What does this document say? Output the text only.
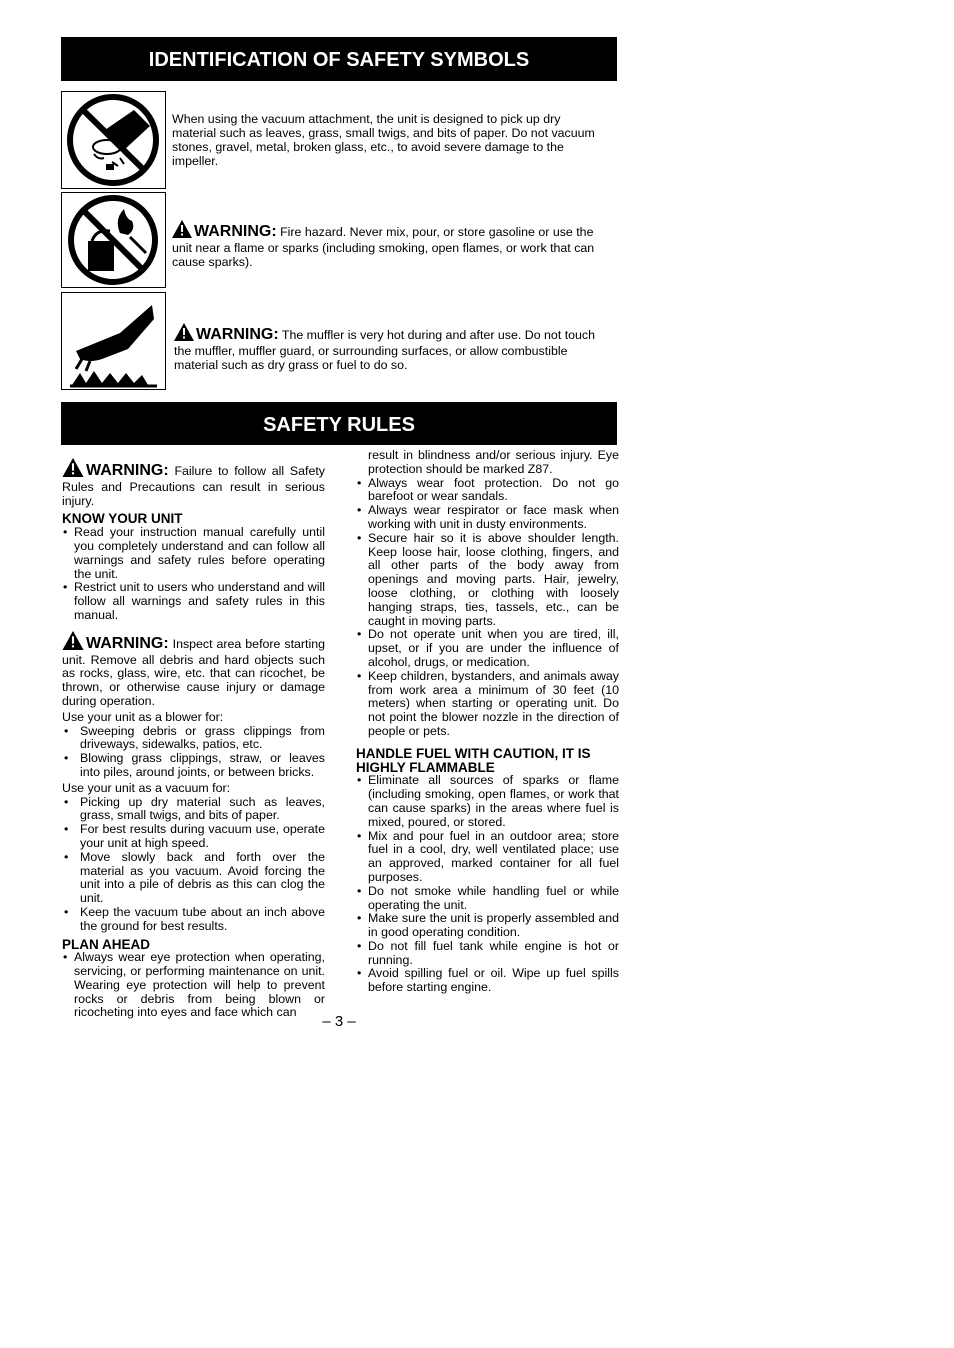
IDENTIFICATION OF SAFETY SYMBOLS
When using the vacuum attachment, the unit is designed to pick up dry material such as leaves, grass, small twigs, and bits of paper. Do not vacuum stones, gravel, metal, broken glass, etc., to avoid severe damage to the impeller.
WARNING: Fire hazard. Never mix, pour, or store gasoline or use the unit near a flame or sparks (including smoking, open flames, or work that can cause sparks).
WARNING: The muffler is very hot during and after use. Do not touch the muffler, muffler guard, or surrounding surfaces, or allow combustible material such as dry grass or fuel to do so.
SAFETY RULES

WARNING: Failure to follow all Safety Rules and Precautions can result in serious injury.

KNOW YOUR UNIT

• Read your instruction manual carefully until you completely understand and can follow all warnings and safety rules before operating the unit.
• Restrict unit to users who understand and will follow all warnings and safety rules in this manual.

WARNING: Inspect area before starting unit. Remove all debris and hard objects such as rocks, glass, wire, etc. that can ricochet, be thrown, or otherwise cause injury or damage during operation.

Use your unit as a blower for:

• Sweeping debris or grass clippings from driveways, sidewalks, patios, etc.
• Blowing grass clippings, straw, or leaves into piles, around joints, or between bricks.

Use your unit as a vacuum for:

• Picking up dry material such as leaves, grass, small twigs, and bits of paper.
• For best results during vacuum use, operate your unit at high speed.
• Move slowly back and forth over the material as you vacuum. Avoid forcing the unit into a pile of debris as this can clog the unit.
• Keep the vacuum tube about an inch above the ground for best results.

PLAN AHEAD

• Always wear eye protection when operating, servicing, or performing maintenance on unit. Wearing eye protection will help to prevent rocks or debris from being blown or ricocheting into eyes and face which can

result in blindness and/or serious injury. Eye protection should be marked Z87.

• Always wear foot protection. Do not go barefoot or wear sandals.
• Always wear respirator or face mask when working with unit in dusty environments.
• Secure hair so it is above shoulder length. Keep loose hair, loose clothing, fingers, and all other parts of the body away from openings and moving parts. Hair, jewelry, loose clothing, or clothing with loosely hanging straps, ties, tassels, etc., can be caught in moving parts.
• Do not operate unit when you are tired, ill, upset, or if you are under the influence of alcohol, drugs, or medication.
• Keep children, bystanders, and animals away from work area a minimum of 30 feet (10 meters) when starting or operating unit. Do not point the blower nozzle in the direction of people or pets.

HANDLE FUEL WITH CAUTION, IT IS HIGHLY FLAMMABLE

• Eliminate all sources of sparks or flame (including smoking, open flames, or work that can cause sparks) in the areas where fuel is mixed, poured, or stored.
• Mix and pour fuel in an outdoor area; store fuel in a cool, dry, well ventilated place; use an approved, marked container for all fuel purposes.
• Do not smoke while handling fuel or while operating the unit.
• Make sure the unit is properly assembled and in good operating condition.
• Do not fill fuel tank while engine is hot or running.
• Avoid spilling fuel or oil. Wipe up fuel spills before starting engine.
– 3 –
